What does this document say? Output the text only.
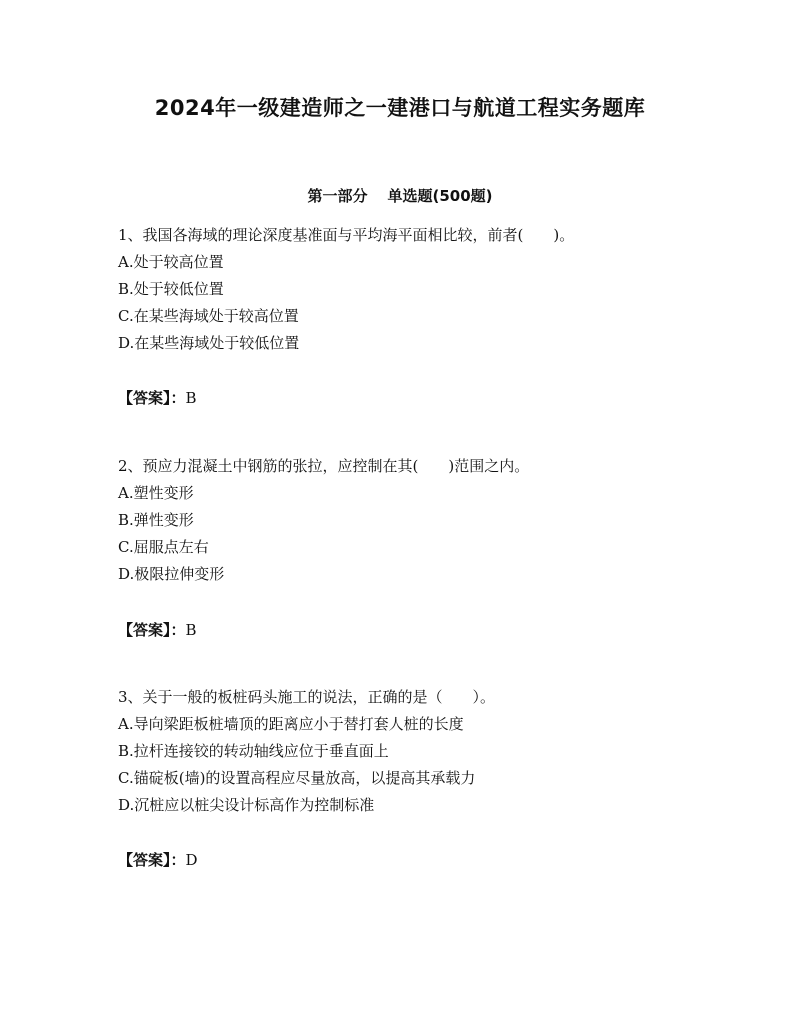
2024年一级建造师之一建港口与航道工程实务题库
第一部分 单选题(500题)
1、我国各海域的理论深度基准面与平均海平面相比较，前者(　　)。
A.处于较高位置
B.处于较低位置
C.在某些海域处于较高位置
D.在某些海域处于较低位置
【答案】：B
2、预应力混凝土中钢筋的张拉，应控制在其(　　)范围之内。
A.塑性变形
B.弹性变形
C.屈服点左右
D.极限拉伸变形
【答案】：B
3、关于一般的板桩码头施工的说法，正确的是（　　）。
A.导向梁距板桩墙顶的距离应小于替打套人桩的长度
B.拉杆连接铰的转动轴线应位于垂直面上
C.锚碇板(墙)的设置高程应尽量放高，以提高其承载力
D.沉桩应以桩尖设计标高作为控制标准
【答案】：D
